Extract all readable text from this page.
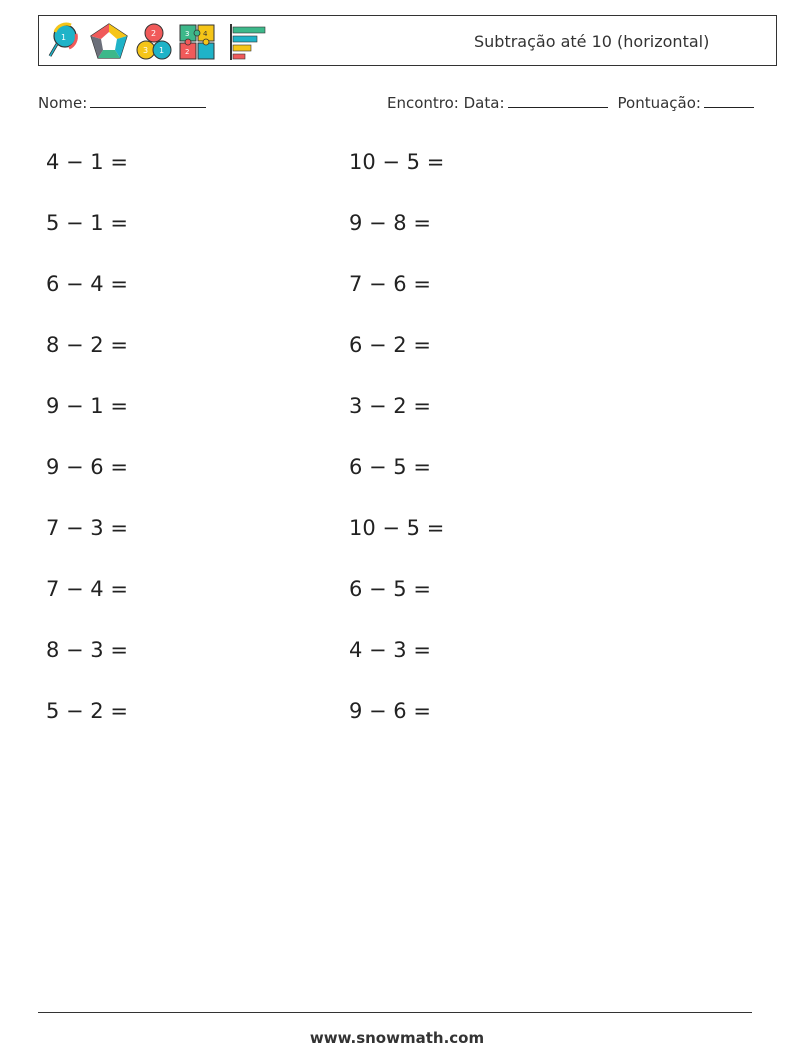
1	2
3 1
3 4
2
Subtração até 10 (horizontal)
Nome:	Encontro: Data:	Pontuação:
4 − 1 =
5 − 1 =
6 − 4 =
8 − 2 =
9 − 1 =
9 − 6 =
7 − 3 =
7 − 4 =
8 − 3 =
5 − 2 =
10 − 5 =
9 − 8 =
7 − 6 =
6 − 2 =
3 − 2 =
6 − 5 =
10 − 5 =
6 − 5 =
4 − 3 =
9 − 6 =
www.snowmath.com
